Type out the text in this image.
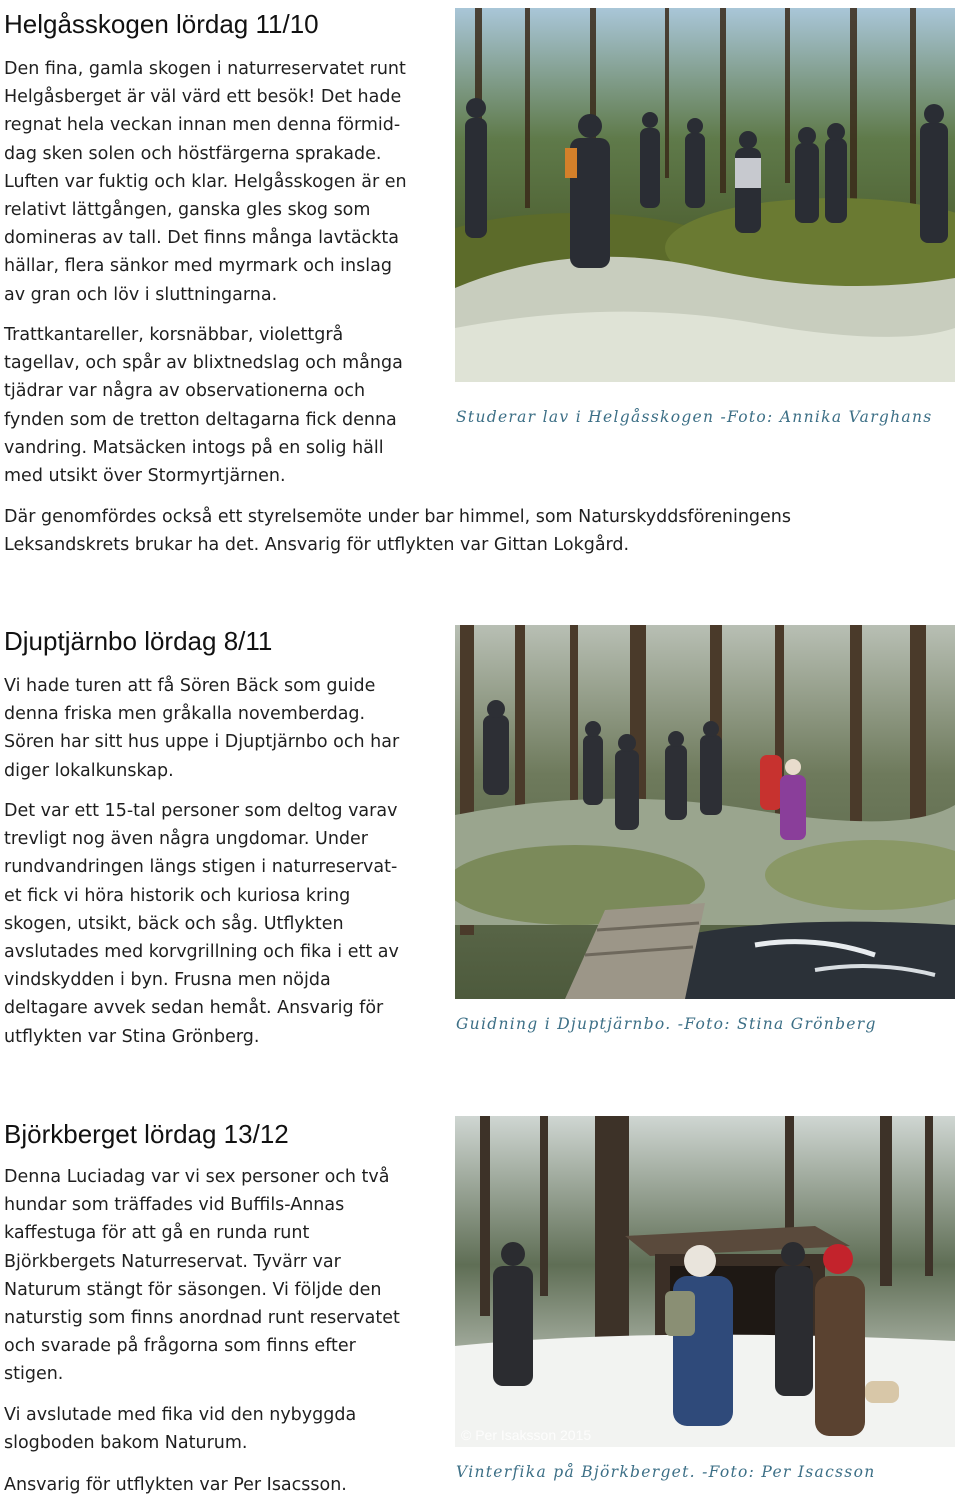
Helgåsskogen lördag 11/10

Den fina, gamla skogen i naturreservatet runt
Helgåsberget är väl värd ett besök! Det hade
regnat hela veckan innan men denna förmid-
dag sken solen och höstfärgerna sprakade.
Luften var fuktig och klar. Helgåsskogen är en
relativt lättgången, ganska gles skog som
domineras av tall. Det finns många lavtäckta
hällar, flera sänkor med myrmark och inslag
av gran och löv i sluttningarna.

Trattkantareller, korsnäbbar, violettgrå
tagellav, och spår av blixtnedslag och många
tjädrar var några av observationerna och
fynden som de tretton deltagarna fick denna
vandring. Matsäcken intogs på en solig häll
med utsikt över Stormyrtjärnen.

Där genomfördes också ett styrelsemöte under bar himmel, som Naturskyddsföreningens
Leksandskrets brukar ha det. Ansvarig för utflykten var Gittan Lokgård.

Studerar lav i Helgåsskogen -Foto: Annika Varghans

Djuptjärnbo lördag 8/11

Vi hade turen att få Sören Bäck som guide
denna friska men gråkalla novemberdag.
Sören har sitt hus uppe i Djuptjärnbo och har
diger lokalkunskap.

Det var ett 15-tal personer som deltog varav
trevligt nog även några ungdomar. Under
rundvandringen längs stigen i naturreservat-
et fick vi höra historik och kuriosa kring
skogen, utsikt, bäck och såg. Utflykten
avslutades med korvgrillning och fika i ett av
vindskydden i byn. Frusna men nöjda
deltagare avvek sedan hemåt. Ansvarig för
utflykten var Stina Grönberg.

Guidning i Djuptjärnbo. -Foto: Stina Grönberg

Björkberget lördag 13/12

Denna Luciadag var vi sex personer och två
hundar som träffades vid Buffils-Annas
kaffestuga för att gå en runda runt
Björkbergets Naturreservat. Tyvärr var
Naturum stängt för säsongen. Vi följde den
naturstig som finns anordnad runt reservatet
och svarade på frågorna som finns efter
stigen.

Vi avslutade med fika vid den nybyggda
slogboden bakom Naturum.

Ansvarig för utflykten var Per Isacsson.

© Per Isaksson 2015

Vinterfika på Björkberget. -Foto: Per Isacsson
